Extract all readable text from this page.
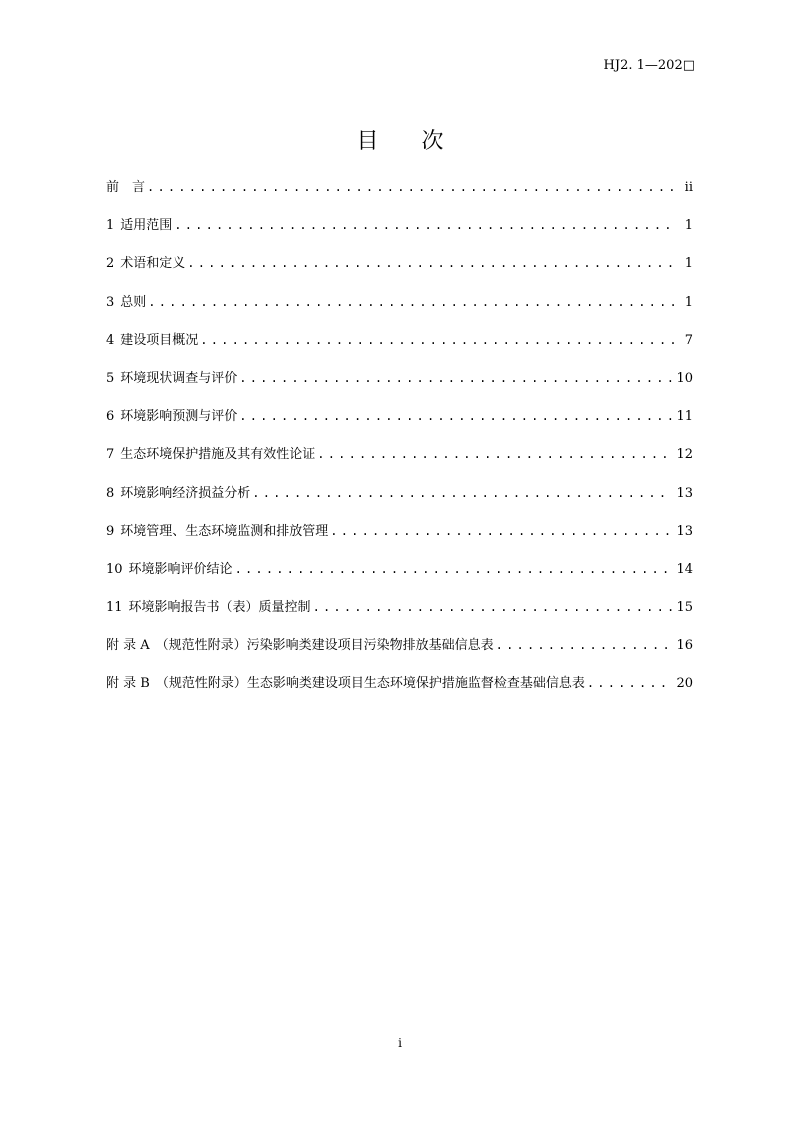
HJ2. 1—202□
目 次
前　言 .....	ii
1 适用范围 .....	1
2 术语和定义 .....	1
3 总则 .....	1
4 建设项目概况 .....	7
5 环境现状调查与评价 .....	10
6 环境影响预测与评价 .....	11
7 生态环境保护措施及其有效性论证 .....	12
8 环境影响经济损益分析 .....	13
9 环境管理、生态环境监测和排放管理 .....	13
10 环境影响评价结论 .....	14
11 环境影响报告书（表）质量控制 .....	15
附 录 A （规范性附录）污染影响类建设项目污染物排放基础信息表 .....	16
附 录 B （规范性附录）生态影响类建设项目生态环境保护措施监督检查基础信息表 .....	20
i
